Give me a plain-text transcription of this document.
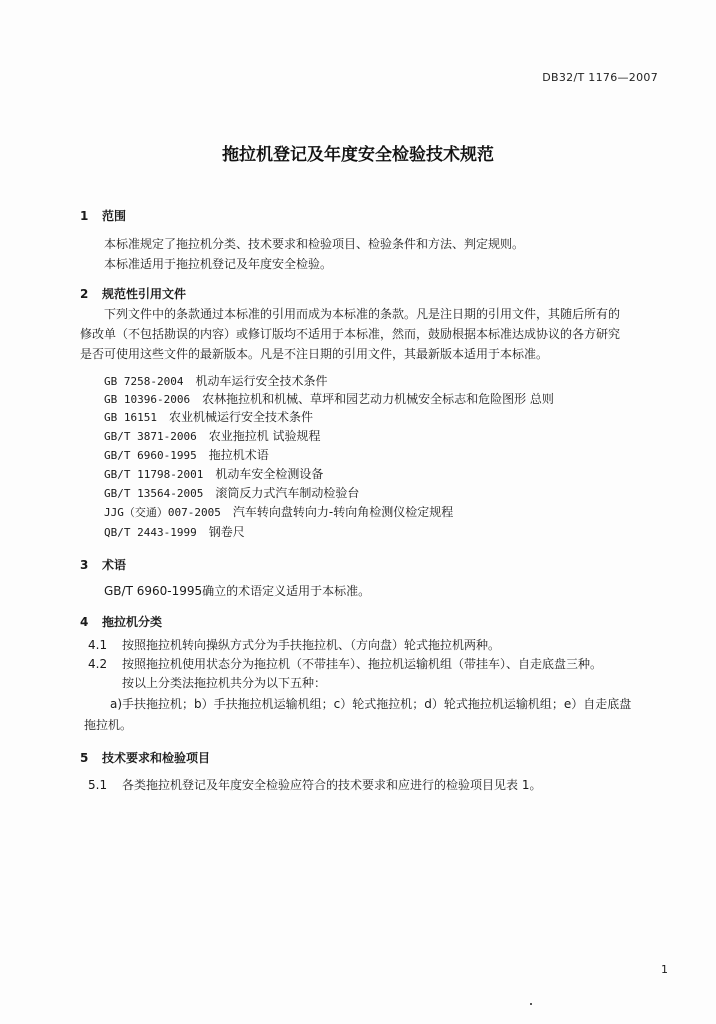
DB32/T 1176—2007
拖拉机登记及年度安全检验技术规范
1 范围
本标准规定了拖拉机分类、技术要求和检验项目、检验条件和方法、判定规则。
本标准适用于拖拉机登记及年度安全检验。
2 规范性引用文件
下列文件中的条款通过本标准的引用而成为本标准的条款。凡是注日期的引用文件，其随后所有的
修改单（不包括勘误的内容）或修订版均不适用于本标准，然而，鼓励根据本标准达成协议的各方研究
是否可使用这些文件的最新版本。凡是不注日期的引用文件，其最新版本适用于本标准。
GB 7258-2004 机动车运行安全技术条件
GB 10396-2006 农林拖拉机和机械、草坪和园艺动力机械安全标志和危险图形 总则
GB 16151 农业机械运行安全技术条件
GB/T 3871-2006 农业拖拉机 试验规程
GB/T 6960-1995 拖拉机术语
GB/T 11798-2001 机动车安全检测设备
GB/T 13564-2005 滚筒反力式汽车制动检验台
JJG（交通）007-2005 汽车转向盘转向力-转向角检测仪检定规程
QB/T 2443-1999 钢卷尺
3 术语
GB/T 6960-1995确立的术语定义适用于本标准。
4 拖拉机分类
4.1 按照拖拉机转向操纵方式分为手扶拖拉机、（方向盘）轮式拖拉机两种。
4.2 按照拖拉机使用状态分为拖拉机（不带挂车）、拖拉机运输机组（带挂车）、自走底盘三种。
按以上分类法拖拉机共分为以下五种：
a)手扶拖拉机；b）手扶拖拉机运输机组；c）轮式拖拉机；d）轮式拖拉机运输机组；e）自走底盘
拖拉机。
5 技术要求和检验项目
5.1 各类拖拉机登记及年度安全检验应符合的技术要求和应进行的检验项目见表 1。
1
